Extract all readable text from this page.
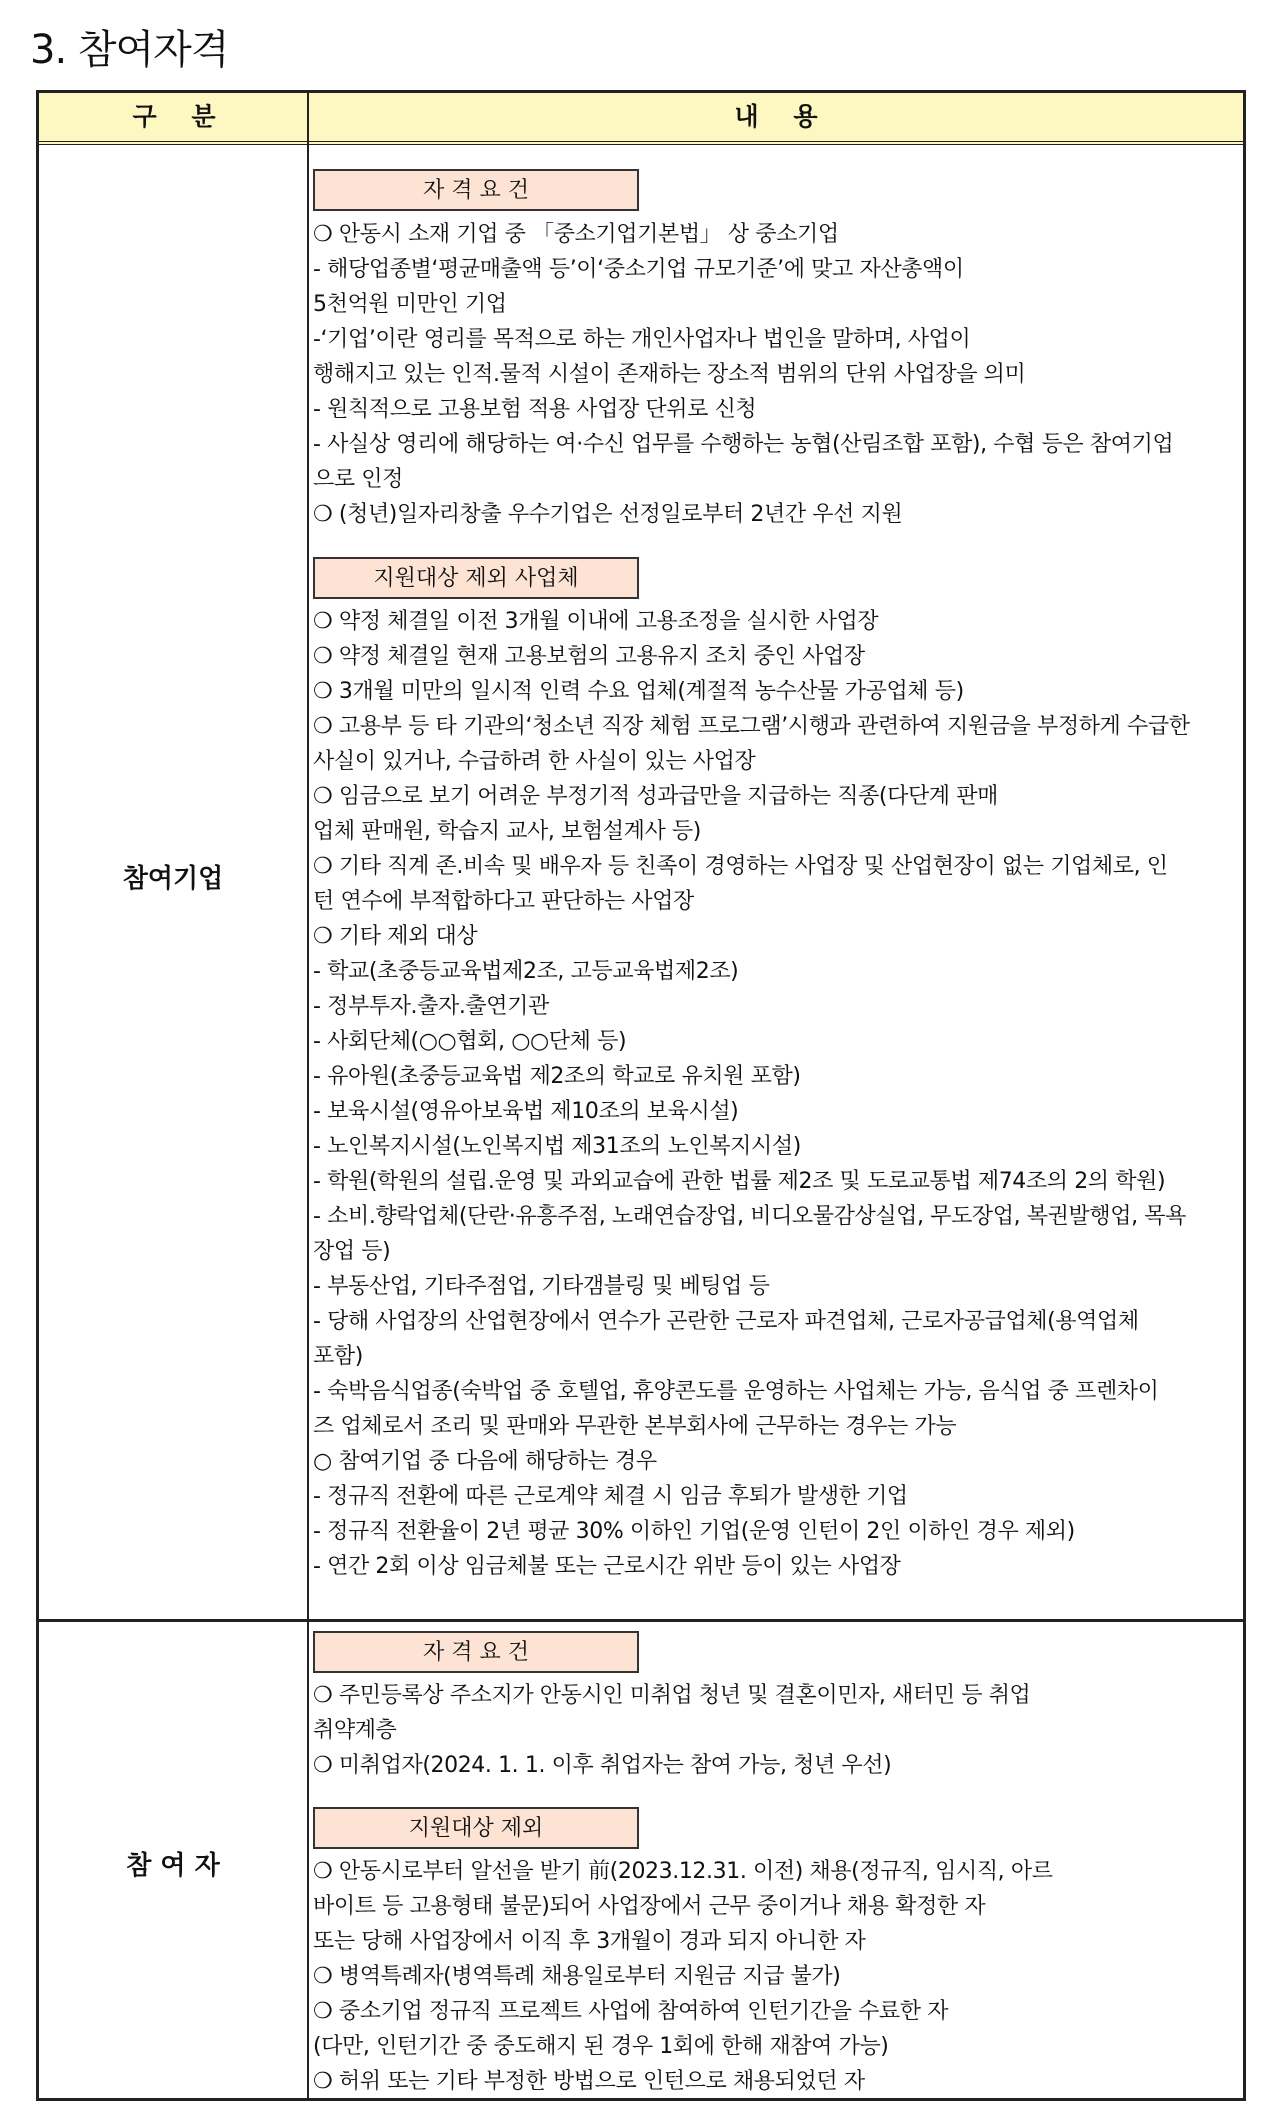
3. 참여자격
구    분	내    용
참여기업
참 여 자
자 격 요 건
❍ 안동시 소재 기업 중 「중소기업기본법」 상 중소기업
- 해당업종별‘평균매출액 등’이‘중소기업 규모기준’에 맞고 자산총액이
5천억원 미만인 기업
-‘기업’이란 영리를 목적으로 하는 개인사업자나 법인을 말하며, 사업이
행해지고 있는 인적.물적 시설이 존재하는 장소적 범위의 단위 사업장을 의미
- 원칙적으로 고용보험 적용 사업장 단위로 신청
- 사실상 영리에 해당하는 여·수신 업무를 수행하는 농협(산림조합 포함), 수협 등은 참여기업
으로 인정
❍ (청년)일자리창출 우수기업은 선정일로부터 2년간 우선 지원
지원대상 제외 사업체
❍ 약정 체결일 이전 3개월 이내에 고용조정을 실시한 사업장
❍ 약정 체결일 현재 고용보험의 고용유지 조치 중인 사업장
❍ 3개월 미만의 일시적 인력 수요 업체(계절적 농수산물 가공업체 등)
❍ 고용부 등 타 기관의‘청소년 직장 체험 프로그램’시행과 관련하여 지원금을 부정하게 수급한
사실이 있거나, 수급하려 한 사실이 있는 사업장
❍ 임금으로 보기 어려운 부정기적 성과급만을 지급하는 직종(다단계 판매
업체 판매원, 학습지 교사, 보험설계사 등)
❍ 기타 직계 존.비속 및 배우자 등 친족이 경영하는 사업장 및 산업현장이 없는 기업체로, 인
턴 연수에 부적합하다고 판단하는 사업장
❍ 기타 제외 대상
- 학교(초중등교육법제2조, 고등교육법제2조)
- 정부투자.출자.출연기관
- 사회단체(○○협회, ○○단체 등)
- 유아원(초중등교육법 제2조의 학교로 유치원 포함)
- 보육시설(영유아보육법 제10조의 보육시설)
- 노인복지시설(노인복지법 제31조의 노인복지시설)
- 학원(학원의 설립.운영 및 과외교습에 관한 법률 제2조 및 도로교통법 제74조의 2의 학원)
- 소비.향락업체(단란·유흥주점, 노래연습장업, 비디오물감상실업, 무도장업, 복권발행업, 목욕
장업 등)
- 부동산업, 기타주점업, 기타갬블링 및 베팅업 등
- 당해 사업장의 산업현장에서 연수가 곤란한 근로자 파견업체, 근로자공급업체(용역업체
포함)
- 숙박음식업종(숙박업 중 호텔업, 휴양콘도를 운영하는 사업체는 가능, 음식업 중 프렌차이
즈 업체로서 조리 및 판매와 무관한 본부회사에 근무하는 경우는 가능
○ 참여기업 중 다음에 해당하는 경우
- 정규직 전환에 따른 근로계약 체결 시 임금 후퇴가 발생한 기업
- 정규직 전환율이 2년 평균 30% 이하인 기업(운영 인턴이 2인 이하인 경우 제외)
- 연간 2회 이상 임금체불 또는 근로시간 위반 등이 있는 사업장
자 격 요 건
❍ 주민등록상 주소지가 안동시인 미취업 청년 및 결혼이민자, 새터민 등 취업
취약계층
❍ 미취업자(2024. 1. 1. 이후 취업자는 참여 가능, 청년 우선)
지원대상 제외
❍ 안동시로부터 알선을 받기 前(2023.12.31. 이전) 채용(정규직, 임시직, 아르
바이트 등 고용형태 불문)되어 사업장에서 근무 중이거나 채용 확정한 자
또는 당해 사업장에서 이직 후 3개월이 경과 되지 아니한 자
❍ 병역특례자(병역특례 채용일로부터 지원금 지급 불가)
❍ 중소기업 정규직 프로젝트 사업에 참여하여 인턴기간을 수료한 자
(다만, 인턴기간 중 중도해지 된 경우 1회에 한해 재참여 가능)
❍ 허위 또는 기타 부정한 방법으로 인턴으로 채용되었던 자
